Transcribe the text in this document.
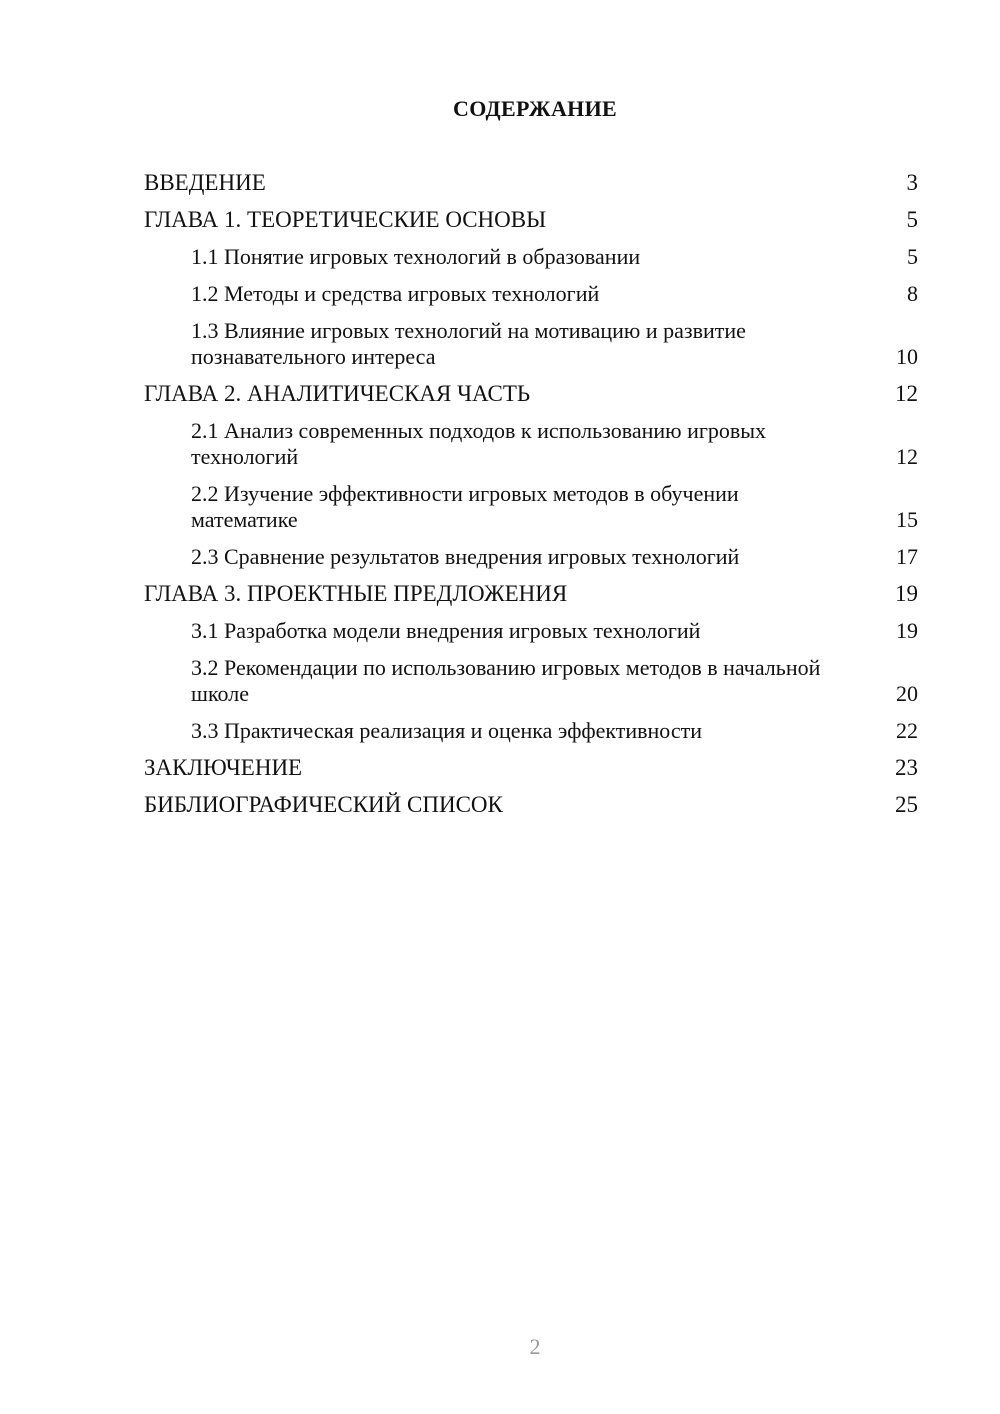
СОДЕРЖАНИЕ
ВВЕДЕНИЕ	3
ГЛАВА 1. ТЕОРЕТИЧЕСКИЕ ОСНОВЫ	5
1.1 Понятие игровых технологий в образовании	5
1.2 Методы и средства игровых технологий	8
1.3 Влияние игровых технологий на мотивацию и развитие познавательного интереса	10
ГЛАВА 2. АНАЛИТИЧЕСКАЯ ЧАСТЬ	12
2.1 Анализ современных подходов к использованию игровых технологий	12
2.2 Изучение эффективности игровых методов в обучении математике	15
2.3 Сравнение результатов внедрения игровых технологий	17
ГЛАВА 3. ПРОЕКТНЫЕ ПРЕДЛОЖЕНИЯ	19
3.1 Разработка модели внедрения игровых технологий	19
3.2 Рекомендации по использованию игровых методов в начальной школе	20
3.3 Практическая реализация и оценка эффективности	22
ЗАКЛЮЧЕНИЕ	23
БИБЛИОГРАФИЧЕСКИЙ СПИСОК	25
2
